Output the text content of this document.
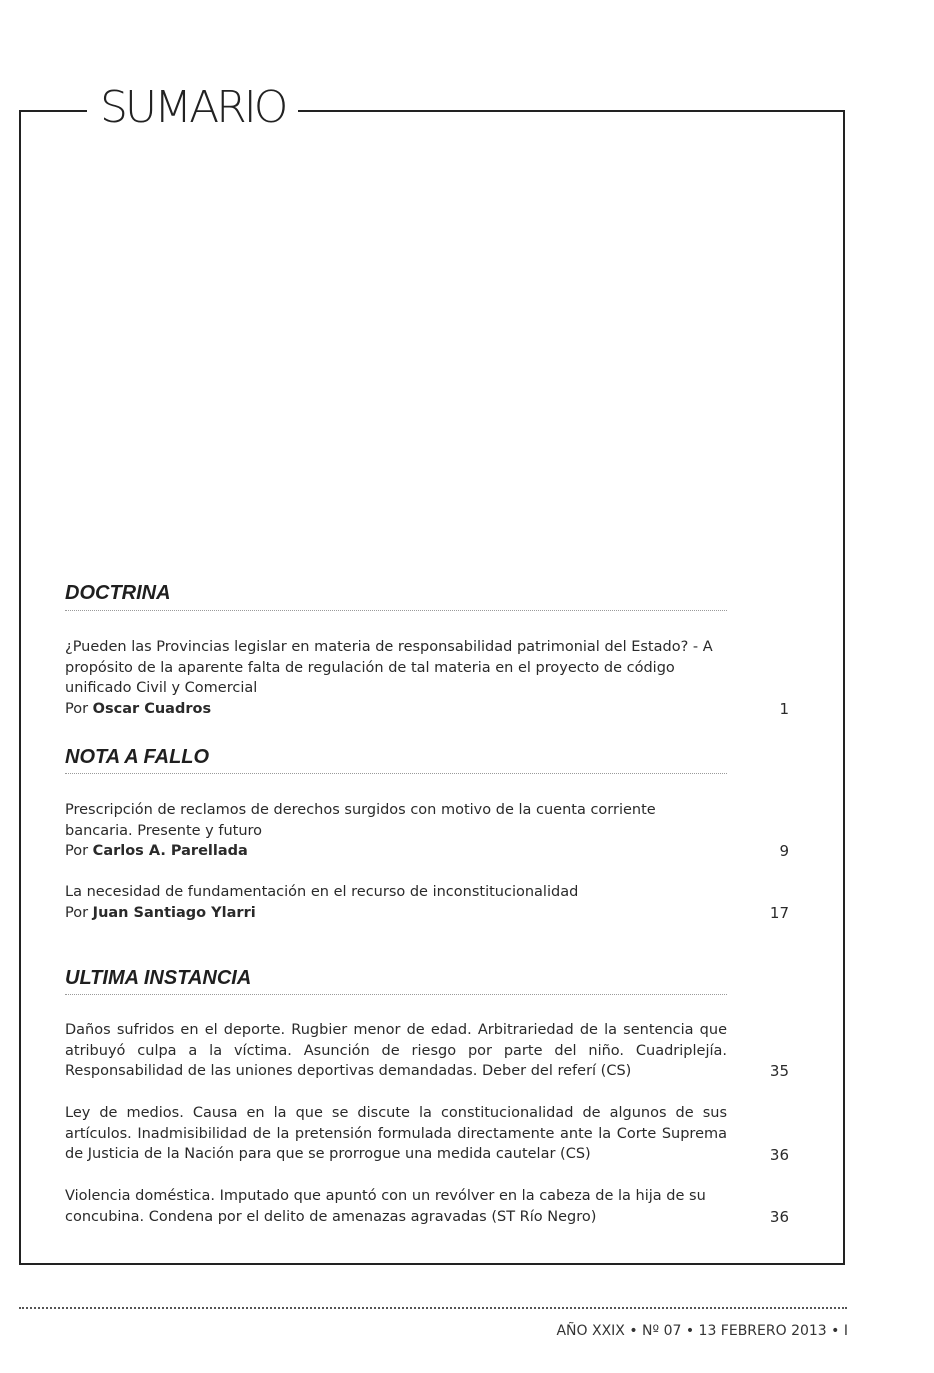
SUMARIO
DOCTRINA

¿Pueden las Provincias legislar en materia de responsabilidad patrimonial del Estado? - A propósito de la aparente falta de regulación de tal materia en el proyecto de código unificado Civil y Comercial
Por Oscar Cuadros	1
NOTA A FALLO

Prescripción de reclamos de derechos surgidos con motivo de la cuenta corriente bancaria. Presente y futuro
Por Carlos A. Parellada	9

La necesidad de fundamentación en el recurso de inconstitucionalidad
Por Juan Santiago Ylarri	17
ULTIMA INSTANCIA

Daños sufridos en el deporte. Rugbier menor de edad. Arbitrariedad de la sentencia que atribuyó culpa a la víctima. Asunción de riesgo por parte del niño. Cuadriplejía. Responsabilidad de las uniones deportivas demandadas. Deber del referí (CS)	35

Ley de medios. Causa en la que se discute la constitucionalidad de algunos de sus artículos. Inadmisibilidad de la pretensión formulada directamente ante la Corte Suprema de Justicia de la Nación para que se prorrogue una medida cautelar (CS)	36

Violencia doméstica. Imputado que apuntó con un revólver en la cabeza de la hija de su concubina. Condena por el delito de amenazas agravadas (ST Río Negro)	36
AÑO XXIX • Nº 07 • 13 FEBRERO 2013 • I
